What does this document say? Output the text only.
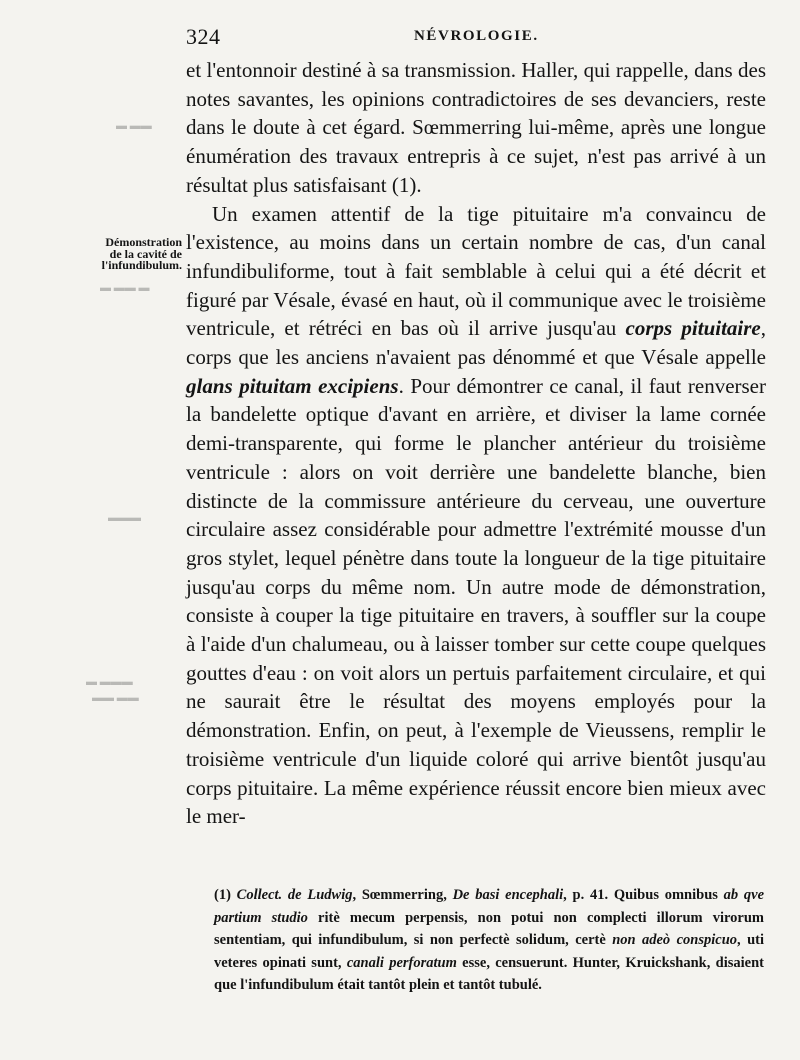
▬ ▬▬
▬ ▬▬ ▬
▬▬▬
▬ ▬▬▬
▬▬ ▬▬
324	NÉVROLOGIE.
Démonstration
de la cavité de
l'infundibulum.

et l'entonnoir destiné à sa transmission. Haller, qui rappelle, dans des notes savantes, les opinions contradictoires de ses devanciers, reste dans le doute à cet égard. Sœmmerring lui-même, après une longue énumération des travaux entrepris à ce sujet, n'est pas arrivé à un résultat plus satisfaisant (1).

Un examen attentif de la tige pituitaire m'a convaincu de l'existence, au moins dans un certain nombre de cas, d'un canal infundibuliforme, tout à fait semblable à celui qui a été décrit et figuré par Vésale, évasé en haut, où il communique avec le troisième ventricule, et rétréci en bas où il arrive jusqu'au corps pituitaire, corps que les anciens n'avaient pas dénommé et que Vésale appelle glans pituitam excipiens. Pour démontrer ce canal, il faut renverser la bandelette optique d'avant en arrière, et diviser la lame cornée demi-transparente, qui forme le plancher antérieur du troisième ventricule : alors on voit derrière une bandelette blanche, bien distincte de la commissure antérieure du cerveau, une ouverture circulaire assez considérable pour admettre l'extrémité mousse d'un gros stylet, lequel pénètre dans toute la longueur de la tige pituitaire jusqu'au corps du même nom. Un autre mode de démonstration, consiste à couper la tige pituitaire en travers, à souffler sur la coupe à l'aide d'un chalumeau, ou à laisser tomber sur cette coupe quelques gouttes d'eau : on voit alors un pertuis parfaitement circulaire, et qui ne saurait être le résultat des moyens employés pour la démonstration. Enfin, on peut, à l'exemple de Vieussens, remplir le troisième ventricule d'un liquide coloré qui arrive bientôt jusqu'au corps pituitaire. La même expérience réussit encore bien mieux avec le mer-

(1) Collect. de Ludwig, Sœmmerring, De basi encephali, p. 41. Quibus omnibus ab qve partium studio ritè mecum perpensis, non potui non complecti illorum virorum sententiam, qui infundibulum, si non perfectè solidum, certè non adeò conspicuo, uti veteres opinati sunt, canali perforatum esse, censuerunt. Hunter, Kruickshank, disaient que l'infundibulum était tantôt plein et tantôt tubulé.
